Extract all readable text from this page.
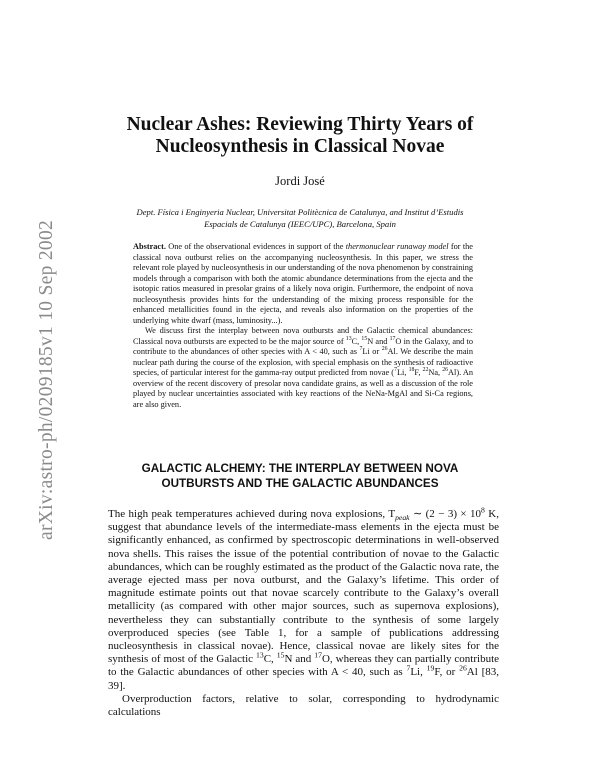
arXiv:astro-ph/0209185v1 10 Sep 2002
Nuclear Ashes: Reviewing Thirty Years of
Nucleosynthesis in Classical Novae
Jordi José
Dept. Física i Enginyeria Nuclear, Universitat Politècnica de Catalunya, and Institut d’Estudis
Espacials de Catalunya (IEEC/UPC), Barcelona, Spain

Abstract. One of the observational evidences in support of the thermonuclear runaway model for the classical nova outburst relies on the accompanying nucleosynthesis. In this paper, we stress the relevant role played by nucleosynthesis in our understanding of the nova phenomenon by constraining models through a comparison with both the atomic abundance determinations from the ejecta and the isotopic ratios measured in presolar grains of a likely nova origin. Furthermore, the endpoint of nova nucleosynthesis provides hints for the understanding of the mixing process responsible for the enhanced metallicities found in the ejecta, and reveals also information on the properties of the underlying white dwarf (mass, luminosity...).

We discuss first the interplay between nova outbursts and the Galactic chemical abundances: Classical nova outbursts are expected to be the major source of $^{13}$C, $^{15}$N and $^{17}$O in the Galaxy, and to contribute to the abundances of other species with A < 40, such as $^7$Li or $^{26}$Al. We describe the main nuclear path during the course of the explosion, with special emphasis on the synthesis of radioactive species, of particular interest for the gamma-ray output predicted from novae ($^7$Li, $^{18}$F, $^{22}$Na, $^{26}$Al). An overview of the recent discovery of presolar nova candidate grains, as well as a discussion of the role played by nuclear uncertainties associated with key reactions of the NeNa-MgAl and Si-Ca regions, are also given.

GALACTIC ALCHEMY: THE INTERPLAY BETWEEN NOVA
OUTBURSTS AND THE GALACTIC ABUNDANCES

The high peak temperatures achieved during nova explosions, $T_{peak}$ ∼ $(2 - 3) \times 10^8$ K, suggest that abundance levels of the intermediate-mass elements in the ejecta must be significantly enhanced, as confirmed by spectroscopic determinations in well-observed nova shells. This raises the issue of the potential contribution of novae to the Galactic abundances, which can be roughly estimated as the product of the Galactic nova rate, the average ejected mass per nova outburst, and the Galaxy’s lifetime. This order of magnitude estimate points out that novae scarcely contribute to the Galaxy’s overall metallicity (as compared with other major sources, such as supernova explosions), nevertheless they can substantially contribute to the synthesis of some largely overproduced species (see Table 1, for a sample of publications addressing nucleosynthesis in classical novae). Hence, classical novae are likely sites for the synthesis of most of the Galactic $^{13}$C, $^{15}$N and $^{17}$O, whereas they can partially contribute to the Galactic abundances of other species with A < 40, such as $^7$Li, $^{19}$F, or $^{26}$Al [83, 39].

Overproduction factors, relative to solar, corresponding to hydrodynamic calculations
